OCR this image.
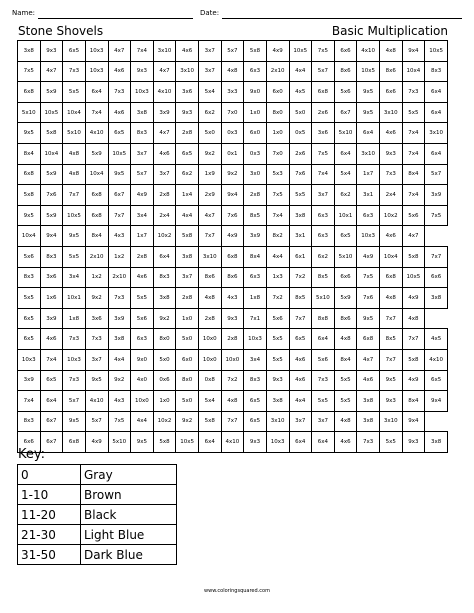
Name:	Date:
Stone Shovels	Basic Multiplication
3x8	9x3	6x5	10x3	4x7	7x4	3x10	4x6	3x7	5x7	5x8	4x9	10x5	7x5	6x6	4x10	4x8	9x4	10x5
7x5	4x7	7x3	10x3	4x6	9x3	4x7	3x10	3x7	4x8	6x3	2x10	4x4	5x7	8x6	10x5	8x6	10x4	8x3
6x8	5x9	5x5	6x4	7x3	10x3	4x10	3x6	5x4	3x3	9x0	6x0	4x5	6x8	5x6	9x5	6x6	7x3	6x4
5x10	10x5	10x4	7x4	4x6	3x8	3x9	9x3	6x2	7x0	1x0	8x0	5x0	2x6	6x7	9x5	3x10	5x5	6x4
9x5	5x8	5x10	4x10	6x5	8x3	4x7	2x8	5x0	0x3	6x0	1x0	0x5	3x6	5x10	6x4	4x6	7x4	3x10
8x4	10x4	4x8	5x9	10x5	3x7	4x6	6x5	9x2	0x1	0x3	7x0	2x6	7x5	6x4	3x10	9x3	7x4	6x4
6x8	5x9	4x8	10x4	9x5	5x7	3x7	6x2	1x9	9x2	3x0	5x3	7x6	7x4	5x4	1x7	7x3	8x4	5x7
5x8	7x6	7x7	6x8	6x7	4x9	2x8	1x4	2x9	9x4	2x8	7x5	5x5	3x7	6x2	3x1	2x4	7x4	3x9
9x5	5x9	10x5	6x8	7x7	3x4	2x4	4x4	4x7	7x6	8x5	7x4	3x8	6x3	10x1	6x3	10x2	5x6	7x5
10x4	9x4	9x5	8x4	4x3	1x7	10x2	5x8	7x7	4x9	3x9	8x2	3x1	6x3	6x5	10x3	4x6	4x7	
5x6	8x3	5x5	2x10	1x2	2x8	6x4	3x8	3x10	6x8	8x4	4x4	6x1	6x2	5x10	4x9	10x4	5x8	7x7
8x3	3x6	3x4	1x2	2x10	4x6	8x3	3x7	8x6	8x6	6x3	1x3	7x2	8x5	6x6	7x5	6x8	10x5	6x6
5x5	1x6	10x1	9x2	7x3	5x5	3x8	2x8	4x8	4x3	1x8	7x2	8x5	5x10	5x9	7x6	4x8	4x9	3x8
6x5	3x9	1x8	3x6	3x9	5x6	9x2	1x0	2x8	9x3	7x1	5x6	7x7	8x8	8x6	9x5	7x7	4x8	
6x5	4x6	7x3	7x3	3x8	6x3	8x0	5x0	10x0	2x8	10x3	5x5	6x5	6x4	4x8	6x8	8x5	7x7	4x5
10x3	7x4	10x3	3x7	4x4	9x0	5x0	6x0	10x0	10x0	3x4	5x5	4x6	5x6	8x4	4x7	7x7	5x8	4x10
3x9	6x5	7x3	9x5	9x2	4x0	0x6	8x0	0x8	7x2	8x3	9x3	4x6	7x3	5x5	4x6	9x5	4x9	6x5
7x4	6x4	5x7	4x10	4x3	10x0	1x0	5x0	5x4	4x8	6x5	3x8	4x4	5x5	5x5	3x8	9x3	8x4	9x4
8x3	6x7	9x5	5x7	7x5	4x4	10x2	9x2	5x8	7x7	6x5	3x10	3x7	3x7	4x8	3x8	3x10	9x4	
6x6	6x7	6x8	4x9	5x10	9x5	5x8	10x5	6x4	4x10	9x3	10x3	6x4	6x4	4x6	7x3	5x5	9x3	3x8
Key:
0	Gray
1-10	Brown
11-20	Black
21-30	Light Blue
31-50	Dark Blue
www.coloringsquared.com
